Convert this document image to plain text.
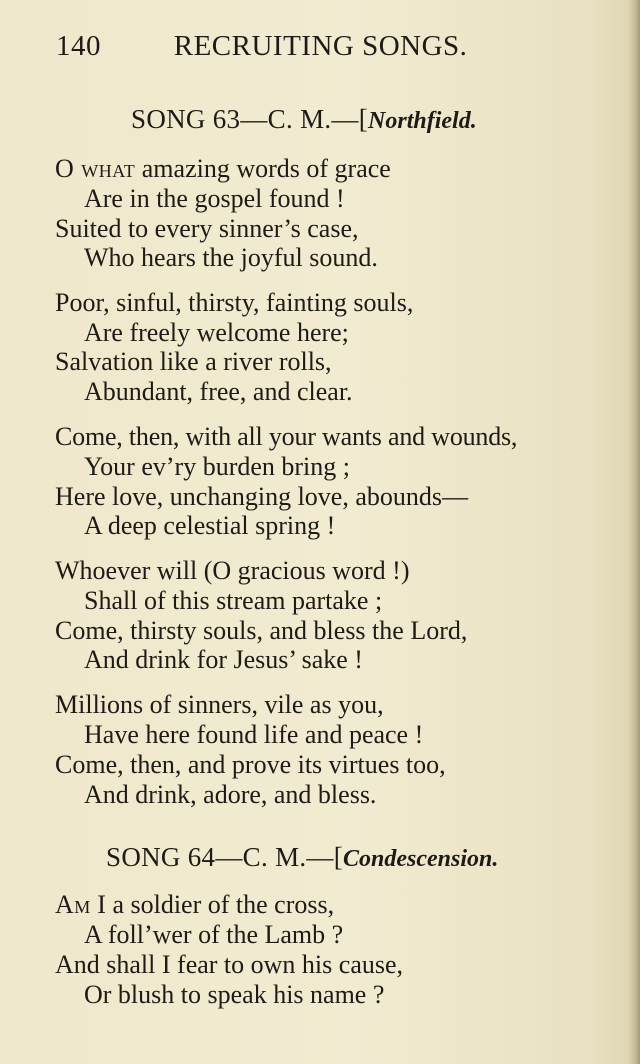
140	RECRUITING SONGS.
SONG 63—C. M.—[Northfield.
O what amazing words of grace
Are in the gospel found !
Suited to every sinner’s case,
Who hears the joyful sound.
Poor, sinful, thirsty, fainting souls,
Are freely welcome here;
Salvation like a river rolls,
Abundant, free, and clear.
Come, then, with all your wants and wounds,
Your ev’ry burden bring ;
Here love, unchanging love, abounds—
A deep celestial spring !
Whoever will (O gracious word !)
Shall of this stream partake ;
Come, thirsty souls, and bless the Lord,
And drink for Jesus’ sake !
Millions of sinners, vile as you,
Have here found life and peace !
Come, then, and prove its virtues too,
And drink, adore, and bless.
SONG 64—C. M.—[Condescension.
Am I a soldier of the cross,
A foll’wer of the Lamb ?
And shall I fear to own his cause,
Or blush to speak his name ?
